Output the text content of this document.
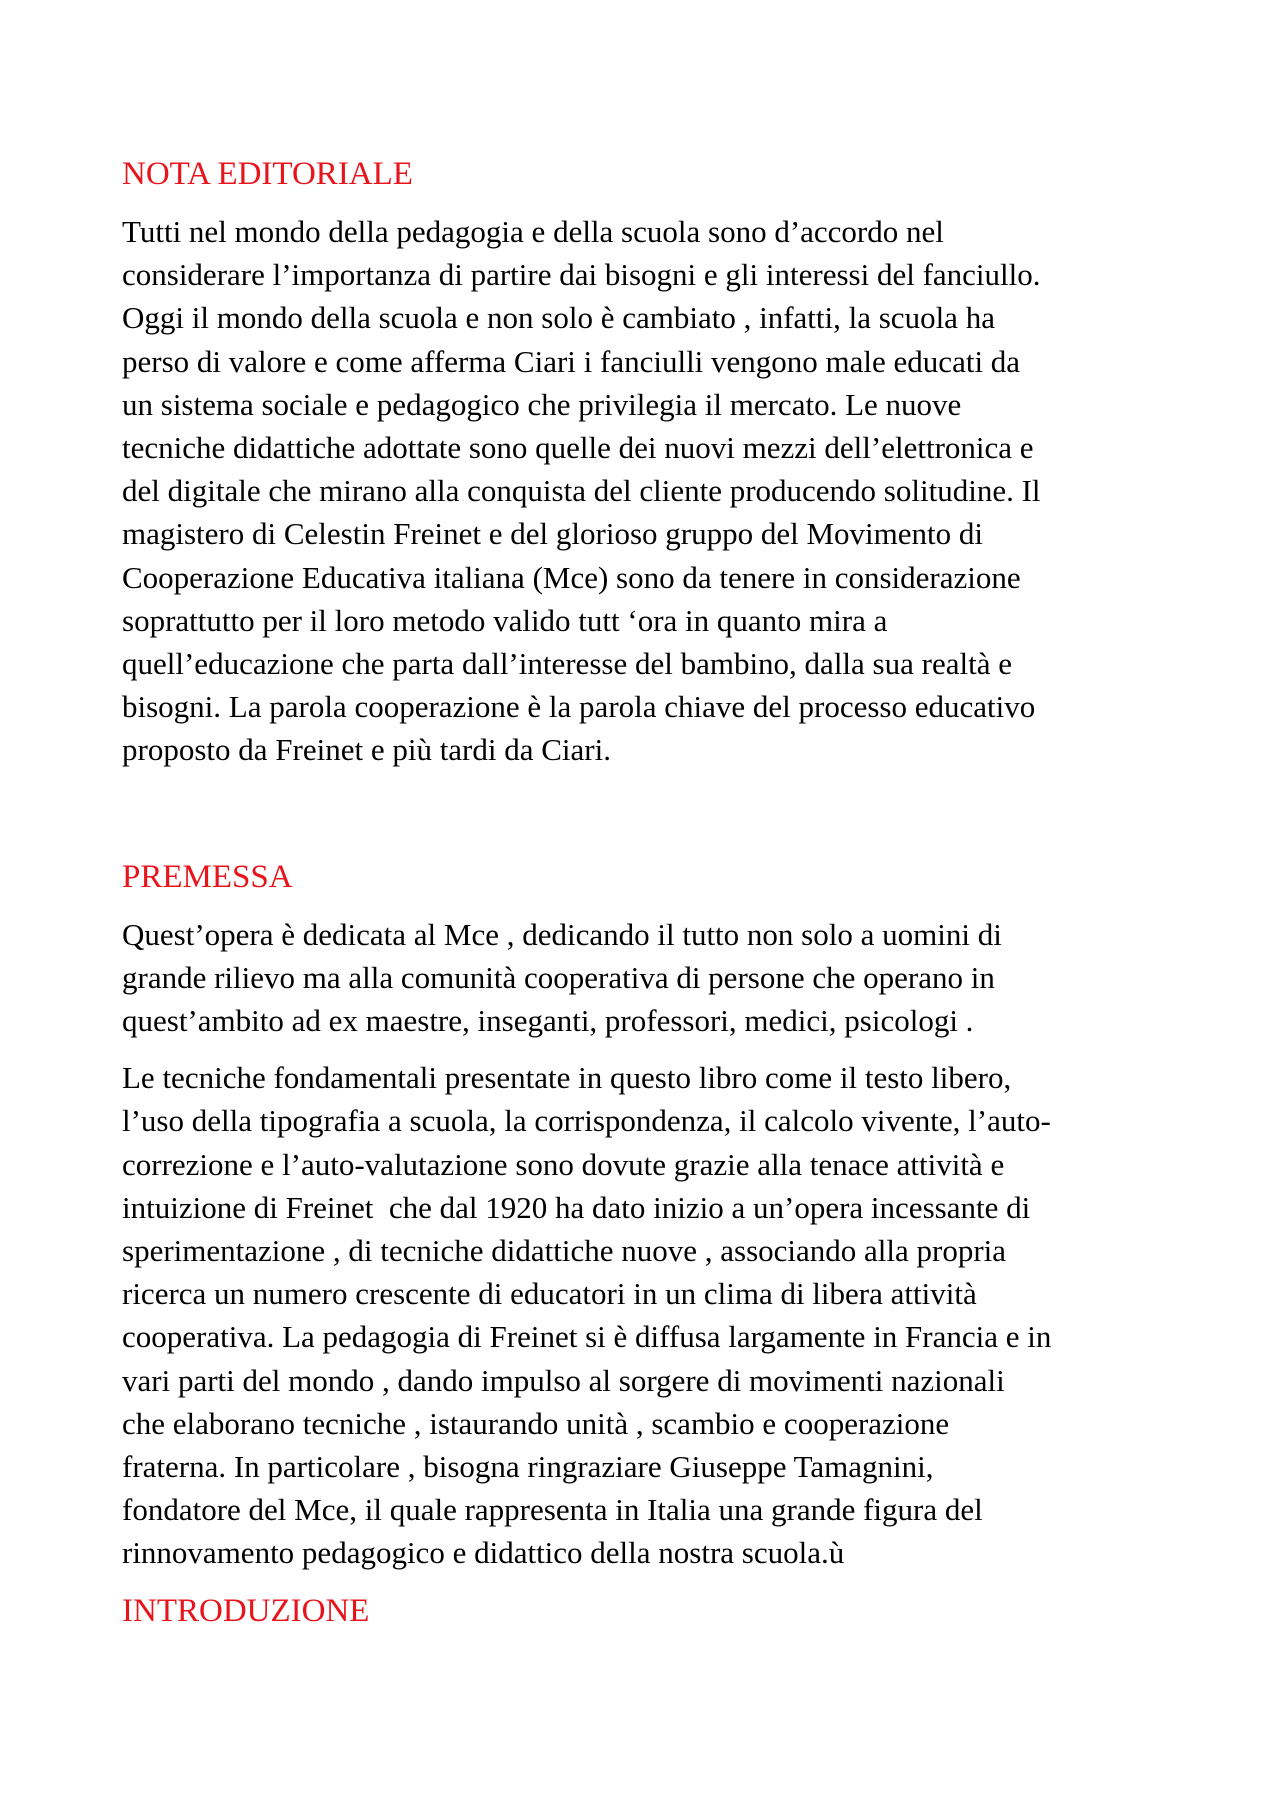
NOTA EDITORIALE

Tutti nel mondo della pedagogia e della scuola sono d’accordo nel
considerare l’importanza di partire dai bisogni e gli interessi del fanciullo.
Oggi il mondo della scuola e non solo è cambiato , infatti, la scuola ha
perso di valore e come afferma Ciari i fanciulli vengono male educati da
un sistema sociale e pedagogico che privilegia il mercato. Le nuove
tecniche didattiche adottate sono quelle dei nuovi mezzi dell’elettronica e
del digitale che mirano alla conquista del cliente producendo solitudine. Il
magistero di Celestin Freinet e del glorioso gruppo del Movimento di
Cooperazione Educativa italiana (Mce) sono da tenere in considerazione
soprattutto per il loro metodo valido tutt ‘ora in quanto mira a
quell’educazione che parta dall’interesse del bambino, dalla sua realtà e
bisogni. La parola cooperazione è la parola chiave del processo educativo
proposto da Freinet e più tardi da Ciari.

PREMESSA

Quest’opera è dedicata al Mce , dedicando il tutto non solo a uomini di
grande rilievo ma alla comunità cooperativa di persone che operano in
quest’ambito ad ex maestre, inseganti, professori, medici, psicologi .

Le tecniche fondamentali presentate in questo libro come il testo libero,
l’uso della tipografia a scuola, la corrispondenza, il calcolo vivente, l’auto-
correzione e l’auto-valutazione sono dovute grazie alla tenace attività e
intuizione di Freinet  che dal 1920 ha dato inizio a un’opera incessante di
sperimentazione , di tecniche didattiche nuove , associando alla propria
ricerca un numero crescente di educatori in un clima di libera attività
cooperativa. La pedagogia di Freinet si è diffusa largamente in Francia e in
vari parti del mondo , dando impulso al sorgere di movimenti nazionali
che elaborano tecniche , istaurando unità , scambio e cooperazione
fraterna. In particolare , bisogna ringraziare Giuseppe Tamagnini,
fondatore del Mce, il quale rappresenta in Italia una grande figura del
rinnovamento pedagogico e didattico della nostra scuola.ù

INTRODUZIONE
